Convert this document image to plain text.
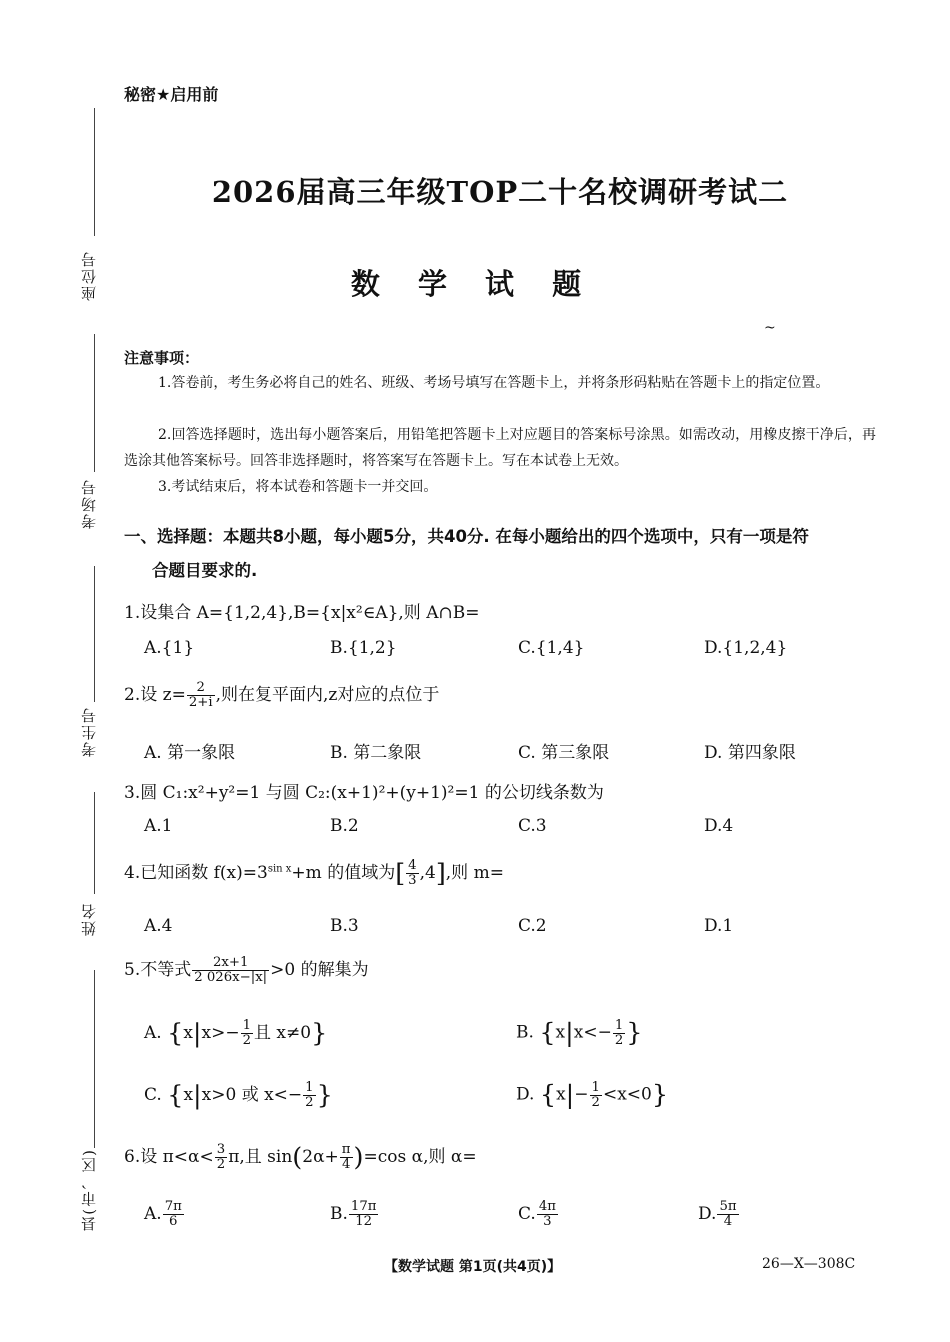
秘密★启用前
2026届高三年级TOP二十名校调研考试二
数 学 试 题
~
座位号
考场号
考生号
姓名
县(市、区)
注意事项：
1.答卷前，考生务必将自己的姓名、班级、考场号填写在答题卡上，并将条形码粘贴在答题卡上的指定位置。
2.回答选择题时，选出每小题答案后，用铅笔把答题卡上对应题目的答案标号涂黑。如需改动，用橡皮擦干净后，再选涂其他答案标号。回答非选择题时，将答案写在答题卡上。写在本试卷上无效。
3.考试结束后，将本试卷和答题卡一并交回。
一、选择题：本题共8小题，每小题5分，共40分. 在每小题给出的四个选项中，只有一项是符
合题目要求的.
1.设集合 A={1,2,4},B={x|x²∈A},则 A∩B=
A.{1}	B.{1,2}	C.{1,4}	D.{1,2,4}
2.设 $z= \frac{2}{2+i}$ ,则在复平面内,z对应的点位于
A. 第一象限	B. 第二象限	C. 第三象限	D. 第四象限
3.圆 C₁:x²+y²=1 与圆 C₂:(x+1)²+(y+1)²=1 的公切线条数为
A.1	B.2	C.3	D.4
4.已知函数 $f(x)=3^{sin x}+m$ 的值域为[ $\frac{4}{3} ,4$],则 m=
A.4	B.3	C.2	D.1
5.不等式 $\frac{2x+1}{2 026x-|x|} >0$ 的解集为
A. {$x|x>- \frac{1}{2}$ 且 x≠0}	B. {$x|x<- \frac{1}{2}$ }
C. {x|x>0 或 $x<- \frac{1}{2}$ }	D. $\{x|- \frac{1}{2} <x<0\}$
6.设 $\pi<\alpha< \frac{3}{2} \pi$,且 $\sin(2\alpha+ \frac{\pi}{4} )=\cos$ α,则 α=
A. $\frac{7\pi}{6}$	B. $\frac{17\pi}{12}$	C. $\frac{4\pi}{3}$	D. $\frac{5\pi}{4}$
【数学试题 第1页(共4页)】	26—X—308C
